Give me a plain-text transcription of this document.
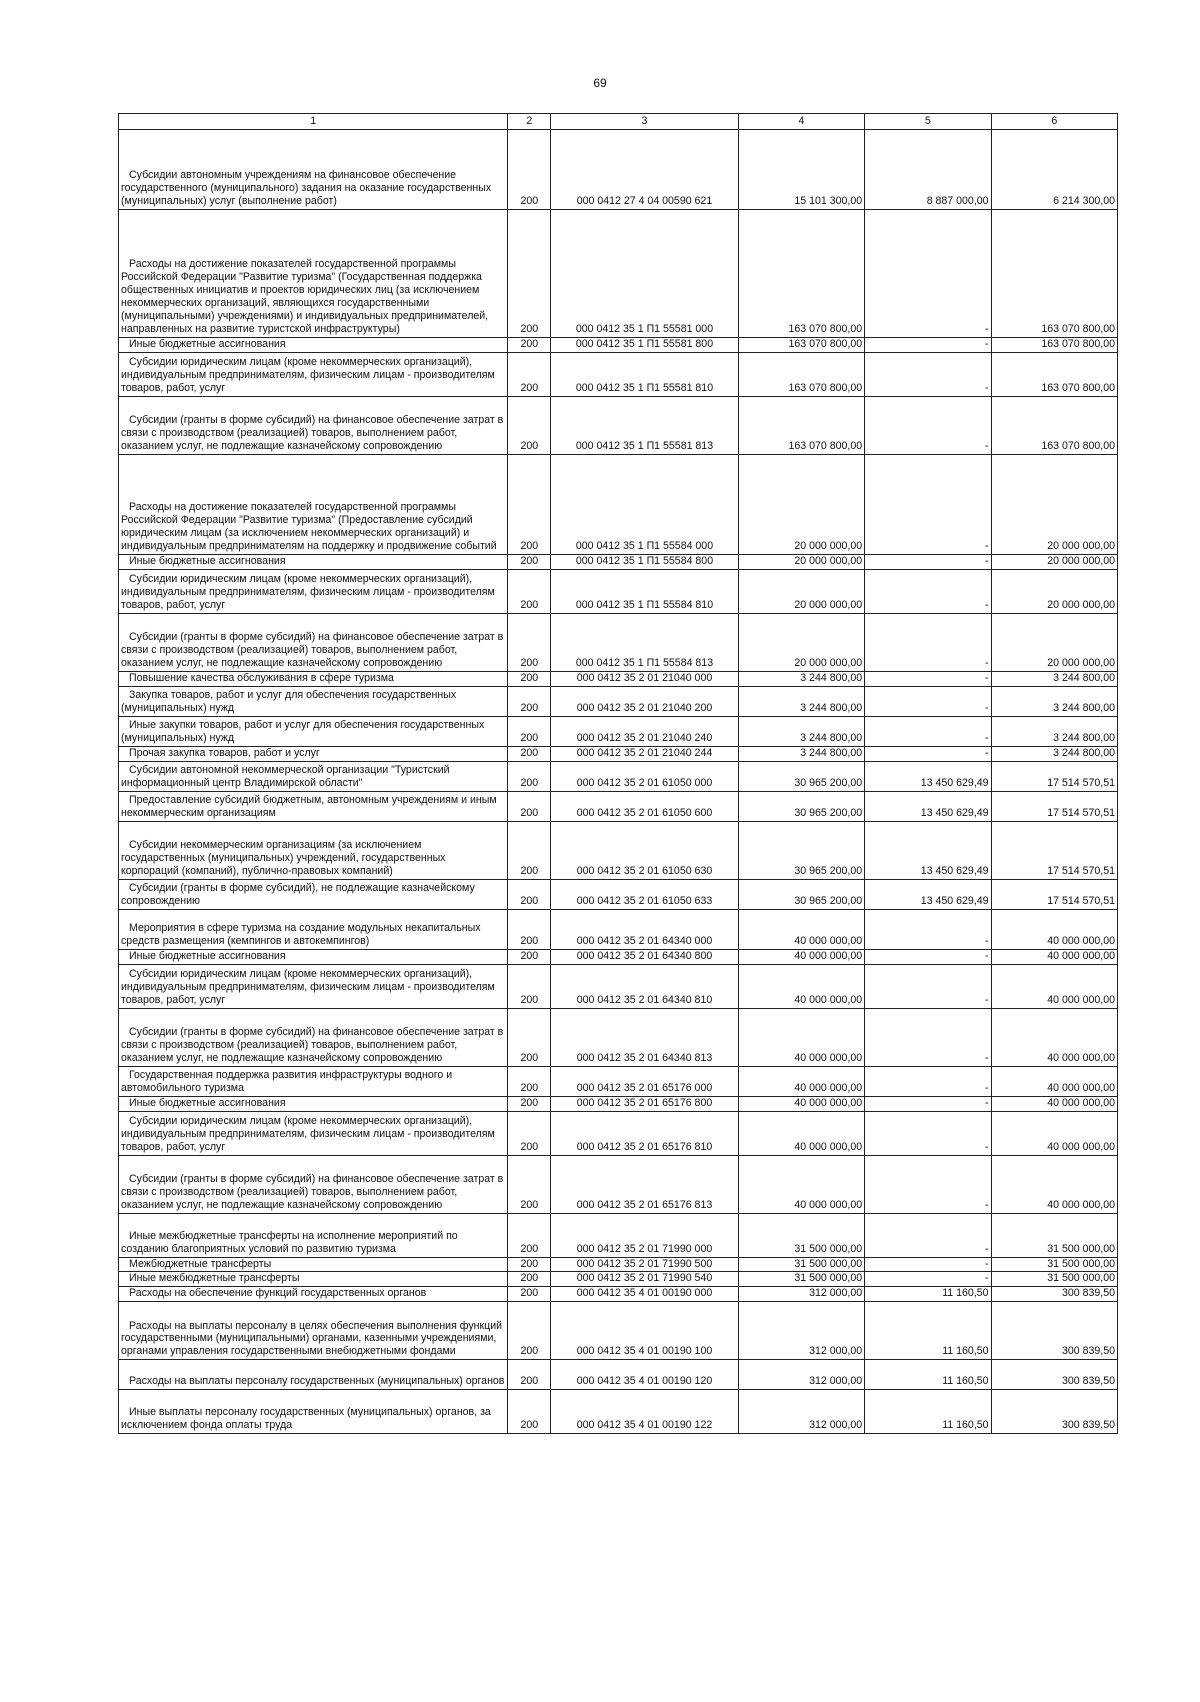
69
1	2	3	4	5	6
Субсидии автономным учреждениям на финансовое обеспечение государственного (муниципального) задания на оказание государственных (муниципальных) услуг (выполнение работ)	200	000 0412 27 4 04 00590 621	15 101 300,00	8 887 000,00	6 214 300,00
Расходы на достижение показателей государственной программы Российской Федерации "Развитие туризма" (Государственная поддержка общественных инициатив и проектов юридических лиц (за исключением некоммерческих организаций, являющихся государственными (муниципальными) учреждениями) и индивидуальных предпринимателей, направленных на развитие туристской инфраструктуры)	200	000 0412 35 1 П1 55581 000	163 070 800,00	-	163 070 800,00
Иные бюджетные ассигнования	200	000 0412 35 1 П1 55581 800	163 070 800,00	-	163 070 800,00
Субсидии юридическим лицам (кроме некоммерческих организаций), индивидуальным предпринимателям, физическим лицам - производителям товаров, работ, услуг	200	000 0412 35 1 П1 55581 810	163 070 800,00	-	163 070 800,00
Субсидии (гранты в форме субсидий) на финансовое обеспечение затрат в связи с производством (реализацией) товаров, выполнением работ, оказанием услуг, не подлежащие казначейскому сопровождению	200	000 0412 35 1 П1 55581 813	163 070 800,00	-	163 070 800,00
Расходы на достижение показателей государственной программы Российской Федерации "Развитие туризма" (Предоставление субсидий юридическим лицам (за исключением некоммерческих организаций) и индивидуальным предпринимателям на поддержку и продвижение событий	200	000 0412 35 1 П1 55584 000	20 000 000,00	-	20 000 000,00
Иные бюджетные ассигнования	200	000 0412 35 1 П1 55584 800	20 000 000,00	-	20 000 000,00
Субсидии юридическим лицам (кроме некоммерческих организаций), индивидуальным предпринимателям, физическим лицам - производителям товаров, работ, услуг	200	000 0412 35 1 П1 55584 810	20 000 000,00	-	20 000 000,00
Субсидии (гранты в форме субсидий) на финансовое обеспечение затрат в связи с производством (реализацией) товаров, выполнением работ, оказанием услуг, не подлежащие казначейскому сопровождению	200	000 0412 35 1 П1 55584 813	20 000 000,00	-	20 000 000,00
Повышение качества обслуживания в сфере туризма	200	000 0412 35 2 01 21040 000	3 244 800,00	-	3 244 800,00
Закупка товаров, работ и услуг для обеспечения государственных (муниципальных) нужд	200	000 0412 35 2 01 21040 200	3 244 800,00	-	3 244 800,00
Иные закупки товаров, работ и услуг для обеспечения государственных (муниципальных) нужд	200	000 0412 35 2 01 21040 240	3 244 800,00	-	3 244 800,00
Прочая закупка товаров, работ и услуг	200	000 0412 35 2 01 21040 244	3 244 800,00	-	3 244 800,00
Субсидии автономной некоммерческой организации "Туристский информационный центр Владимирской области"	200	000 0412 35 2 01 61050 000	30 965 200,00	13 450 629,49	17 514 570,51
Предоставление субсидий бюджетным, автономным учреждениям и иным некоммерческим организациям	200	000 0412 35 2 01 61050 600	30 965 200,00	13 450 629,49	17 514 570,51
Субсидии некоммерческим организациям (за исключением государственных (муниципальных) учреждений, государственных корпораций (компаний), публично-правовых компаний)	200	000 0412 35 2 01 61050 630	30 965 200,00	13 450 629,49	17 514 570,51
Субсидии (гранты в форме субсидий), не подлежащие казначейскому сопровождению	200	000 0412 35 2 01 61050 633	30 965 200,00	13 450 629,49	17 514 570,51
Мероприятия в сфере туризма на создание модульных некапитальных средств размещения (кемпингов и автокемпингов)	200	000 0412 35 2 01 64340 000	40 000 000,00	-	40 000 000,00
Иные бюджетные ассигнования	200	000 0412 35 2 01 64340 800	40 000 000,00	-	40 000 000,00
Субсидии юридическим лицам (кроме некоммерческих организаций), индивидуальным предпринимателям, физическим лицам - производителям товаров, работ, услуг	200	000 0412 35 2 01 64340 810	40 000 000,00	-	40 000 000,00
Субсидии (гранты в форме субсидий) на финансовое обеспечение затрат в связи с производством (реализацией) товаров, выполнением работ, оказанием услуг, не подлежащие казначейскому сопровождению	200	000 0412 35 2 01 64340 813	40 000 000,00	-	40 000 000,00
Государственная поддержка развития инфраструктуры водного и автомобильного туризма	200	000 0412 35 2 01 65176 000	40 000 000,00	-	40 000 000,00
Иные бюджетные ассигнования	200	000 0412 35 2 01 65176 800	40 000 000,00	-	40 000 000,00
Субсидии юридическим лицам (кроме некоммерческих организаций), индивидуальным предпринимателям, физическим лицам - производителям товаров, работ, услуг	200	000 0412 35 2 01 65176 810	40 000 000,00	-	40 000 000,00
Субсидии (гранты в форме субсидий) на финансовое обеспечение затрат в связи с производством (реализацией) товаров, выполнением работ, оказанием услуг, не подлежащие казначейскому сопровождению	200	000 0412 35 2 01 65176 813	40 000 000,00	-	40 000 000,00
Иные межбюджетные трансферты на исполнение мероприятий по созданию благоприятных условий по развитию туризма	200	000 0412 35 2 01 71990 000	31 500 000,00	-	31 500 000,00
Межбюджетные трансферты	200	000 0412 35 2 01 71990 500	31 500 000,00	-	31 500 000,00
Иные межбюджетные трансферты	200	000 0412 35 2 01 71990 540	31 500 000,00	-	31 500 000,00
Расходы на обеспечение функций государственных органов	200	000 0412 35 4 01 00190 000	312 000,00	11 160,50	300 839,50
Расходы на выплаты персоналу в целях обеспечения выполнения функций государственными (муниципальными) органами, казенными учреждениями, органами управления государственными внебюджетными фондами	200	000 0412 35 4 01 00190 100	312 000,00	11 160,50	300 839,50
Расходы на выплаты персоналу государственных (муниципальных) органов	200	000 0412 35 4 01 00190 120	312 000,00	11 160,50	300 839,50
Иные выплаты персоналу государственных (муниципальных) органов, за исключением фонда оплаты труда	200	000 0412 35 4 01 00190 122	312 000,00	11 160,50	300 839,50
